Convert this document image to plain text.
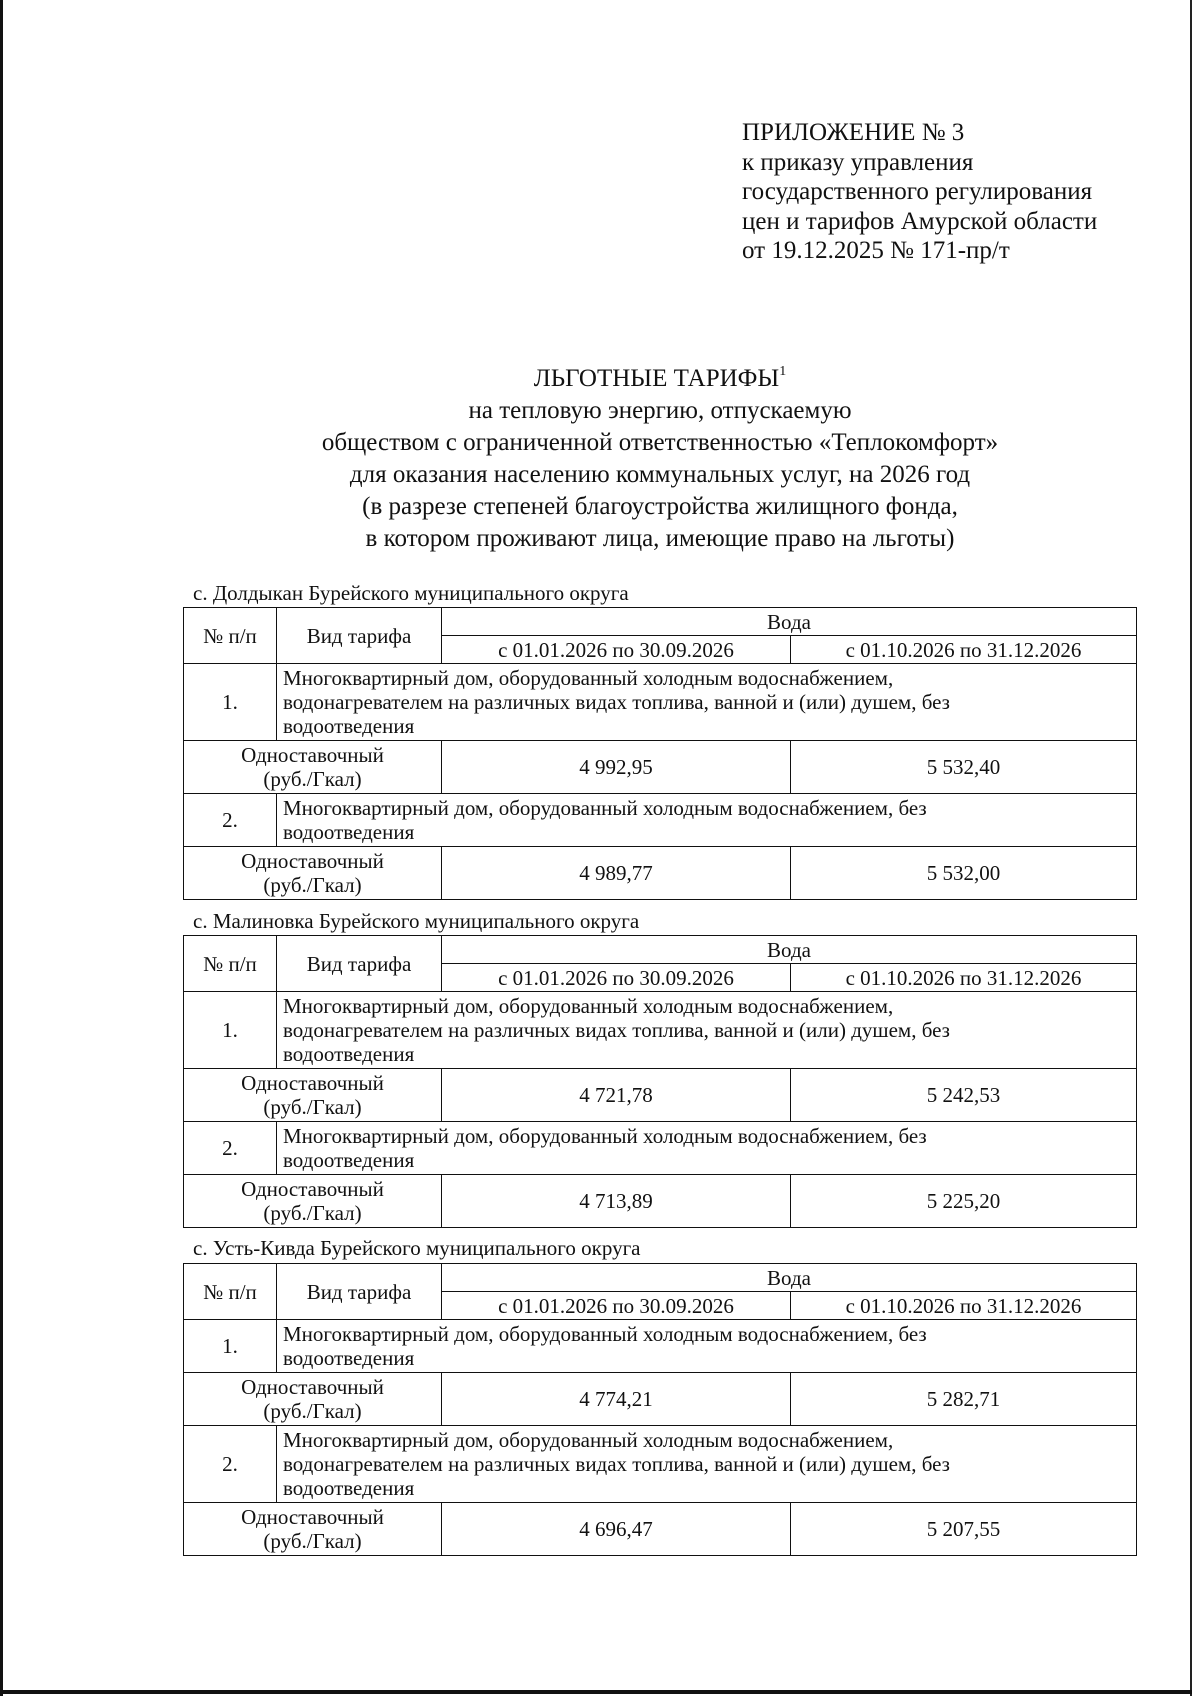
ПРИЛОЖЕНИЕ № 3
к приказу управления
государственного регулирования
цен и тарифов Амурской области
от 19.12.2025 № 171-пр/т
ЛЬГОТНЫЕ ТАРИФЫ$^1$
на тепловую энергию, отпускаемую
обществом с ограниченной ответственностью «Теплокомфорт»
для оказания населению коммунальных услуг, на 2026 год
(в разрезе степеней благоустройства жилищного фонда,
в котором проживают лица, имеющие право на льготы)
с. Долдыкан Бурейского муниципального округа
№ п/п	Вид тарифа	Вода	
		с 01.01.2026 по 30.09.2026	с 01.10.2026 по 31.12.2026
1.	Многоквартирный дом, оборудованный холодным водоснабжением,
водонагревателем на различных видах топлива, ванной и (или) душем, без
водоотведения		

Одноставочный
(руб./Гкал)		4 992,95	5 532,40
2.	Многоквартирный дом, оборудованный холодным водоснабжением, без
водоотведения		

Одноставочный
(руб./Гкал)		4 989,77	5 532,00
с. Малиновка Бурейского муниципального округа
№ п/п	Вид тарифа	Вода	
		с 01.01.2026 по 30.09.2026	с 01.10.2026 по 31.12.2026
1.	Многоквартирный дом, оборудованный холодным водоснабжением,
водонагревателем на различных видах топлива, ванной и (или) душем, без
водоотведения		

Одноставочный
(руб./Гкал)		4 721,78	5 242,53
2.	Многоквартирный дом, оборудованный холодным водоснабжением, без
водоотведения		

Одноставочный
(руб./Гкал)		4 713,89	5 225,20
с. Усть-Кивда Бурейского муниципального округа
№ п/п	Вид тарифа	Вода	
		с 01.01.2026 по 30.09.2026	с 01.10.2026 по 31.12.2026
1.	Многоквартирный дом, оборудованный холодным водоснабжением, без
водоотведения		

Одноставочный
(руб./Гкал)		4 774,21	5 282,71
2.	Многоквартирный дом, оборудованный холодным водоснабжением,
водонагревателем на различных видах топлива, ванной и (или) душем, без
водоотведения		

Одноставочный
(руб./Гкал)		4 696,47	5 207,55
